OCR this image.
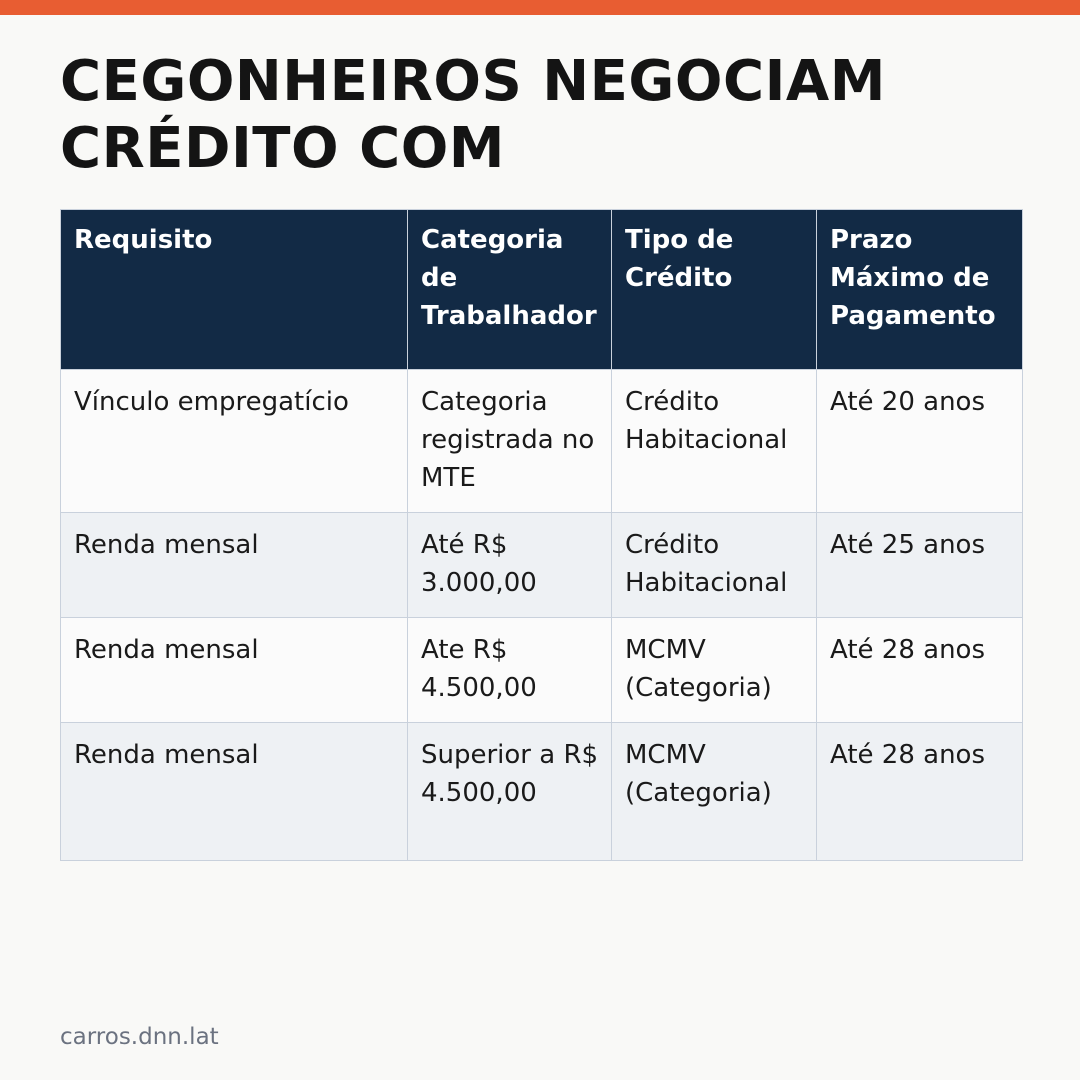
CEGONHEIROS NEGOCIAM CRÉDITO COM
Requisito	Categoria de Trabalhador	Tipo de Crédito	Prazo Máximo de Pagamento
Vínculo empregatício	Categoria registrada no MTE	Crédito Habitacional	Até 20 anos
Renda mensal	Até R$ 3.000,00	Crédito Habitacional	Até 25 anos
Renda mensal	Ate R$ 4.500,00	MCMV (Categoria)	Até 28 anos
Renda mensal	Superior a R$ 4.500,00	MCMV (Categoria)	Até 28 anos
carros.dnn.lat
